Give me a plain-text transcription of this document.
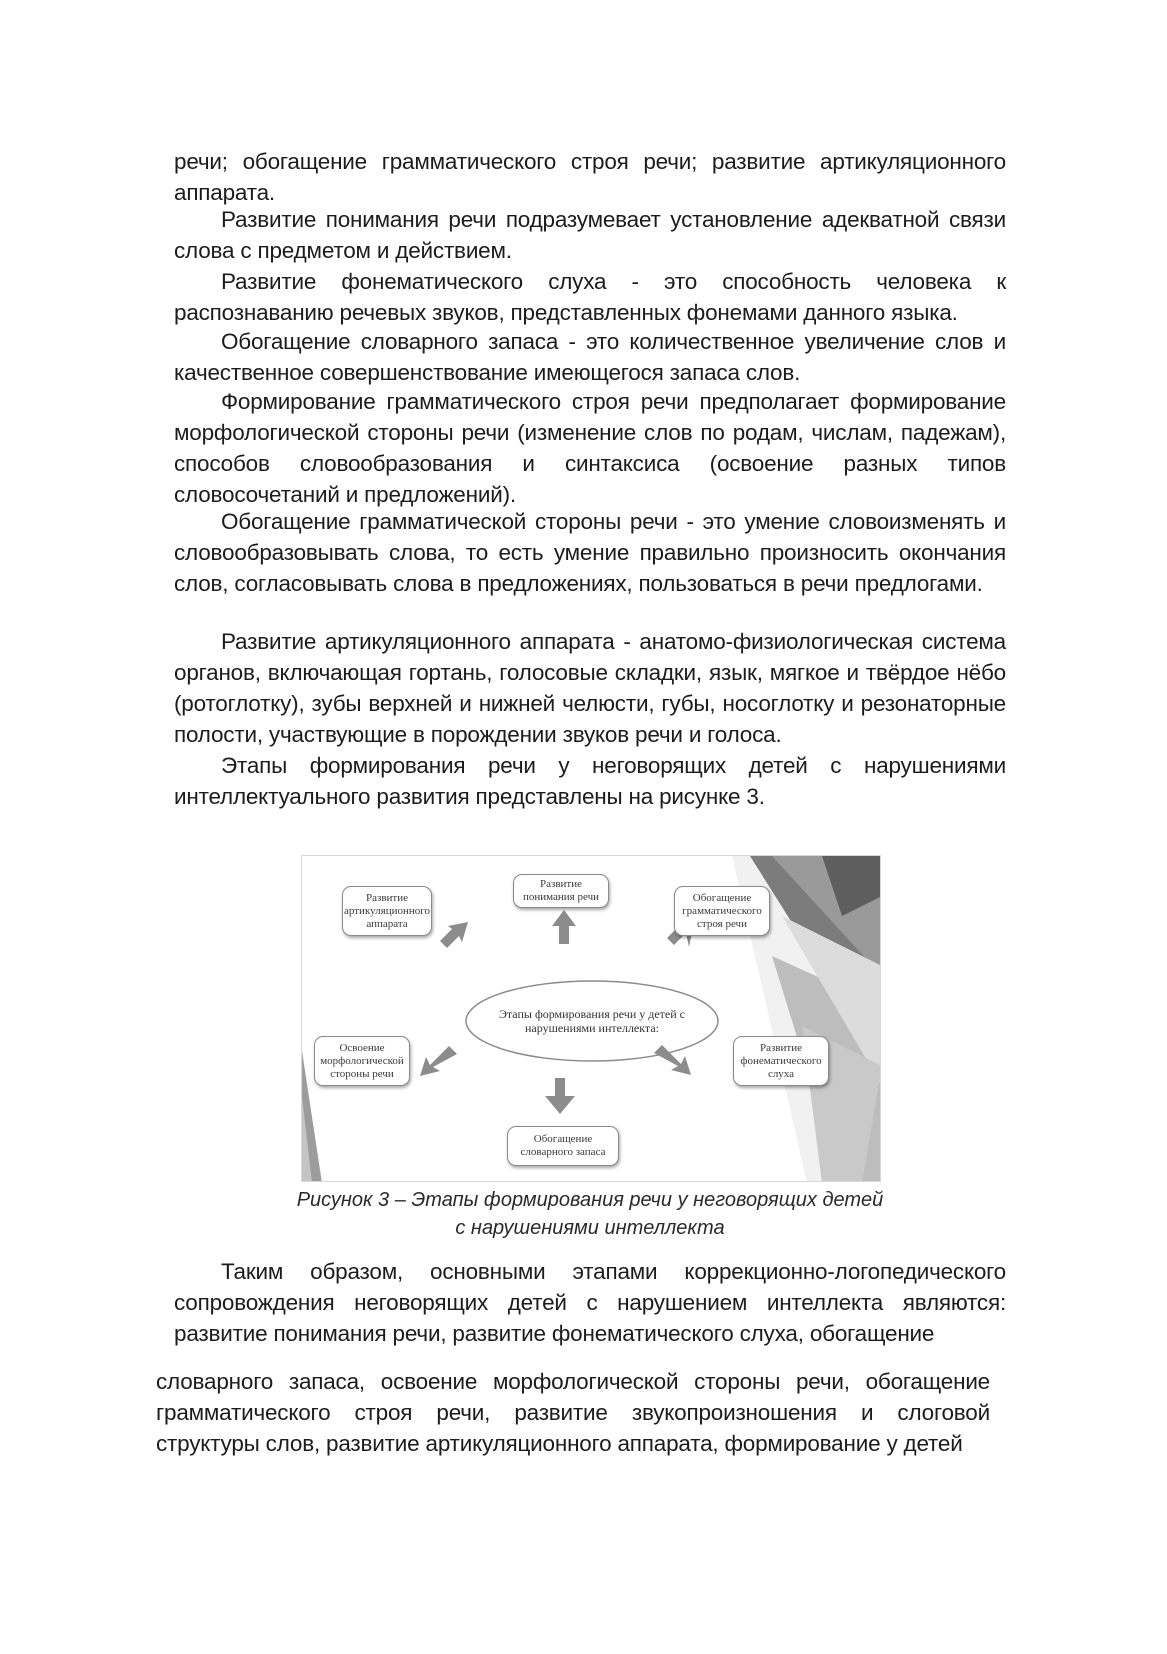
речи; обогащение грамматического строя речи; развитие артикуляционного аппарата.

Развитие понимания речи подразумевает установление адекватной связи слова с предметом и действием.

Развитие фонематического слуха - это способность человека к распознаванию речевых звуков, представленных фонемами данного языка.

Обогащение словарного запаса - это количественное увеличение слов и качественное совершенствование имеющегося запаса слов.

Формирование грамматического строя речи предполагает формирование морфологической стороны речи (изменение слов по родам, числам, падежам), способов словообразования и синтаксиса (освоение разных типов словосочетаний и предложений).

Обогащение грамматической стороны речи - это умение словоизменять и словообразовывать слова, то есть умение правильно произносить окончания слов, согласовывать слова в предложениях, пользоваться в речи предлогами.

Развитие артикуляционного аппарата - анатомо-физиологическая система органов, включающая гортань, голосовые складки, язык, мягкое и твёрдое нёбо (ротоглотку), зубы верхней и нижней челюсти, губы, носоглотку и резонаторные полости, участвующие в порождении звуков речи и голоса.

Этапы формирования речи у неговорящих детей с нарушениями интеллектуального развития представлены на рисунке 3.

Развитие артикуляционного аппарата
Развитие понимания речи	Обогащение грамматического строя речи
Освоение морфологической стороны речи
Развитие фонематического слуха
Обогащение словарного запаса
Этапы формирования речи у детей с нарушениями интеллекта:

Рисунок 3 – Этапы формирования речи у неговорящих детей

с нарушениями интеллекта

Таким образом, основными этапами коррекционно-логопедического сопровождения неговорящих детей с нарушением интеллекта являются: развитие понимания речи, развитие фонематического слуха, обогащение

словарного запаса, освоение морфологической стороны речи, обогащение грамматического строя речи, развитие звукопроизношения и слоговой структуры слов, развитие артикуляционного аппарата, формирование у детей
